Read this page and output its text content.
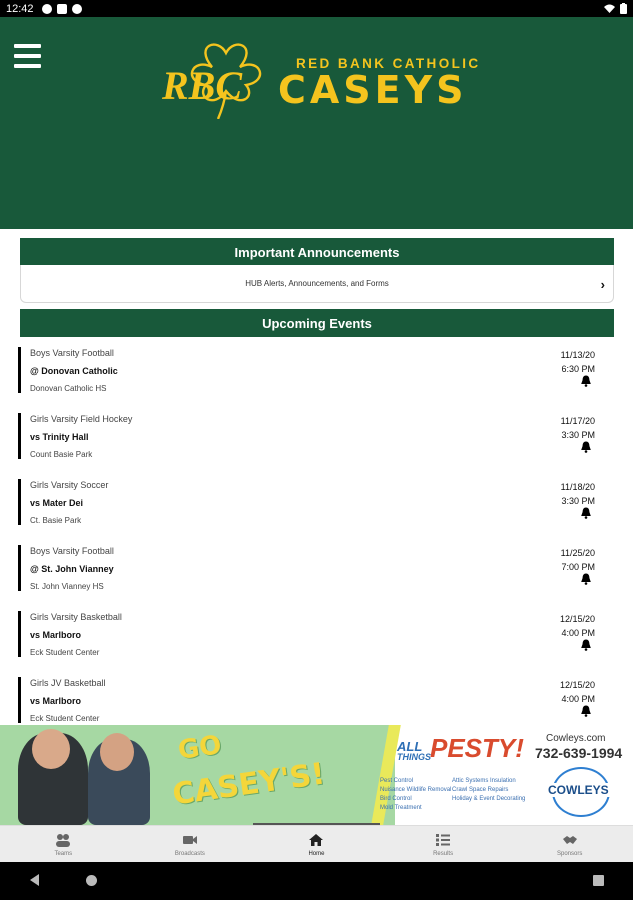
12:42
RBC	RED BANK CATHOLIC
CASEYS
Important Announcements
HUB Alerts, Announcements, and Forms	›
Upcoming Events
Boys Varsity Football
@ Donovan Catholic
Donovan Catholic HS
11/13/20
6:30 PM
Girls Varsity Field Hockey
vs Trinity Hall
Count Basie Park
11/17/20
3:30 PM
Girls Varsity Soccer
vs Mater Dei
Ct. Basie Park
11/18/20
3:30 PM
Boys Varsity Football
@ St. John Vianney
St. John Vianney HS
11/25/20
7:00 PM
Girls Varsity Basketball
vs Marlboro
Eck Student Center
12/15/20
4:00 PM
Girls JV Basketball
vs Marlboro
Eck Student Center
12/15/20
4:00 PM
GO
CASEY'S!
ALL
THINGS
PESTY!
Pest Control
Nuisance Wildlife Removal
Bird Control
Mold Treatment
Attic Systems Insulation
Crawl Space Repairs
Holiday & Event Decorating
Cowleys.com
732-639-1994
COWLEYS
Teams	Broadcasts	Home	Results	Sponsors
